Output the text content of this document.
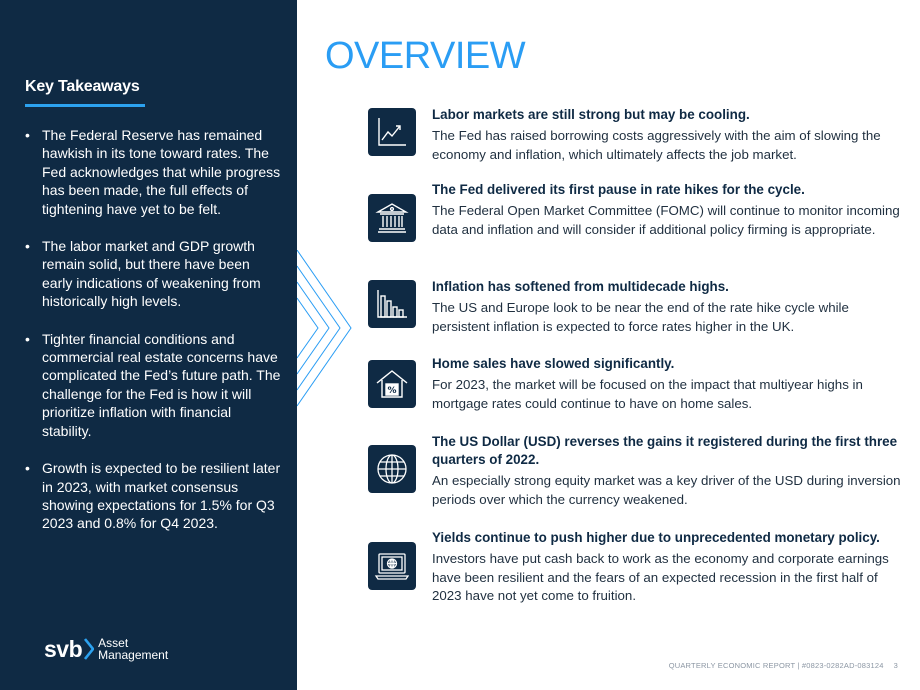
Key Takeaways
• The Federal Reserve has remained hawkish in its tone toward rates. The Fed acknowledges that while progress has been made, the full effects of tightening have yet to be felt.
• The labor market and GDP growth remain solid, but there have been early indications of weakening from historically high levels.
• Tighter financial conditions and commercial real estate concerns have complicated the Fed’s future path. The challenge for the Fed is how it will prioritize inflation with financial stability.
• Growth is expected to be resilient later in 2023, with market consensus showing expectations for 1.5% for Q3 2023 and 0.8% for Q4 2023.
svb Asset
Management
OVERVIEW
Labor markets are still strong but may be cooling.

The Fed has raised borrowing costs aggressively with the aim of slowing the economy and inflation, which ultimately affects the job market.

The Fed delivered its first pause in rate hikes for the cycle.

The Federal Open Market Committee (FOMC) will continue to monitor incoming data and inflation and will consider if additional policy firming is appropriate.

Inflation has softened from multidecade highs.

The US and Europe look to be near the end of the rate hike cycle while persistent inflation is expected to force rates higher in the UK.

%
Home sales have slowed significantly.

For 2023, the market will be focused on the impact that multiyear highs in mortgage rates could continue to have on home sales.

The US Dollar (USD) reverses the gains it registered during the first three quarters of 2022.

An especially strong equity market was a key driver of the USD during inversion periods over which the currency weakened.

Yields continue to push higher due to unprecedented monetary policy.

Investors have put cash back to work as the economy and corporate earnings have been resilient and the fears of an expected recession in the first half of 2023 have not yet come to fruition.

QUARTERLY ECONOMIC REPORT | #0823-0282AD-083124 3
